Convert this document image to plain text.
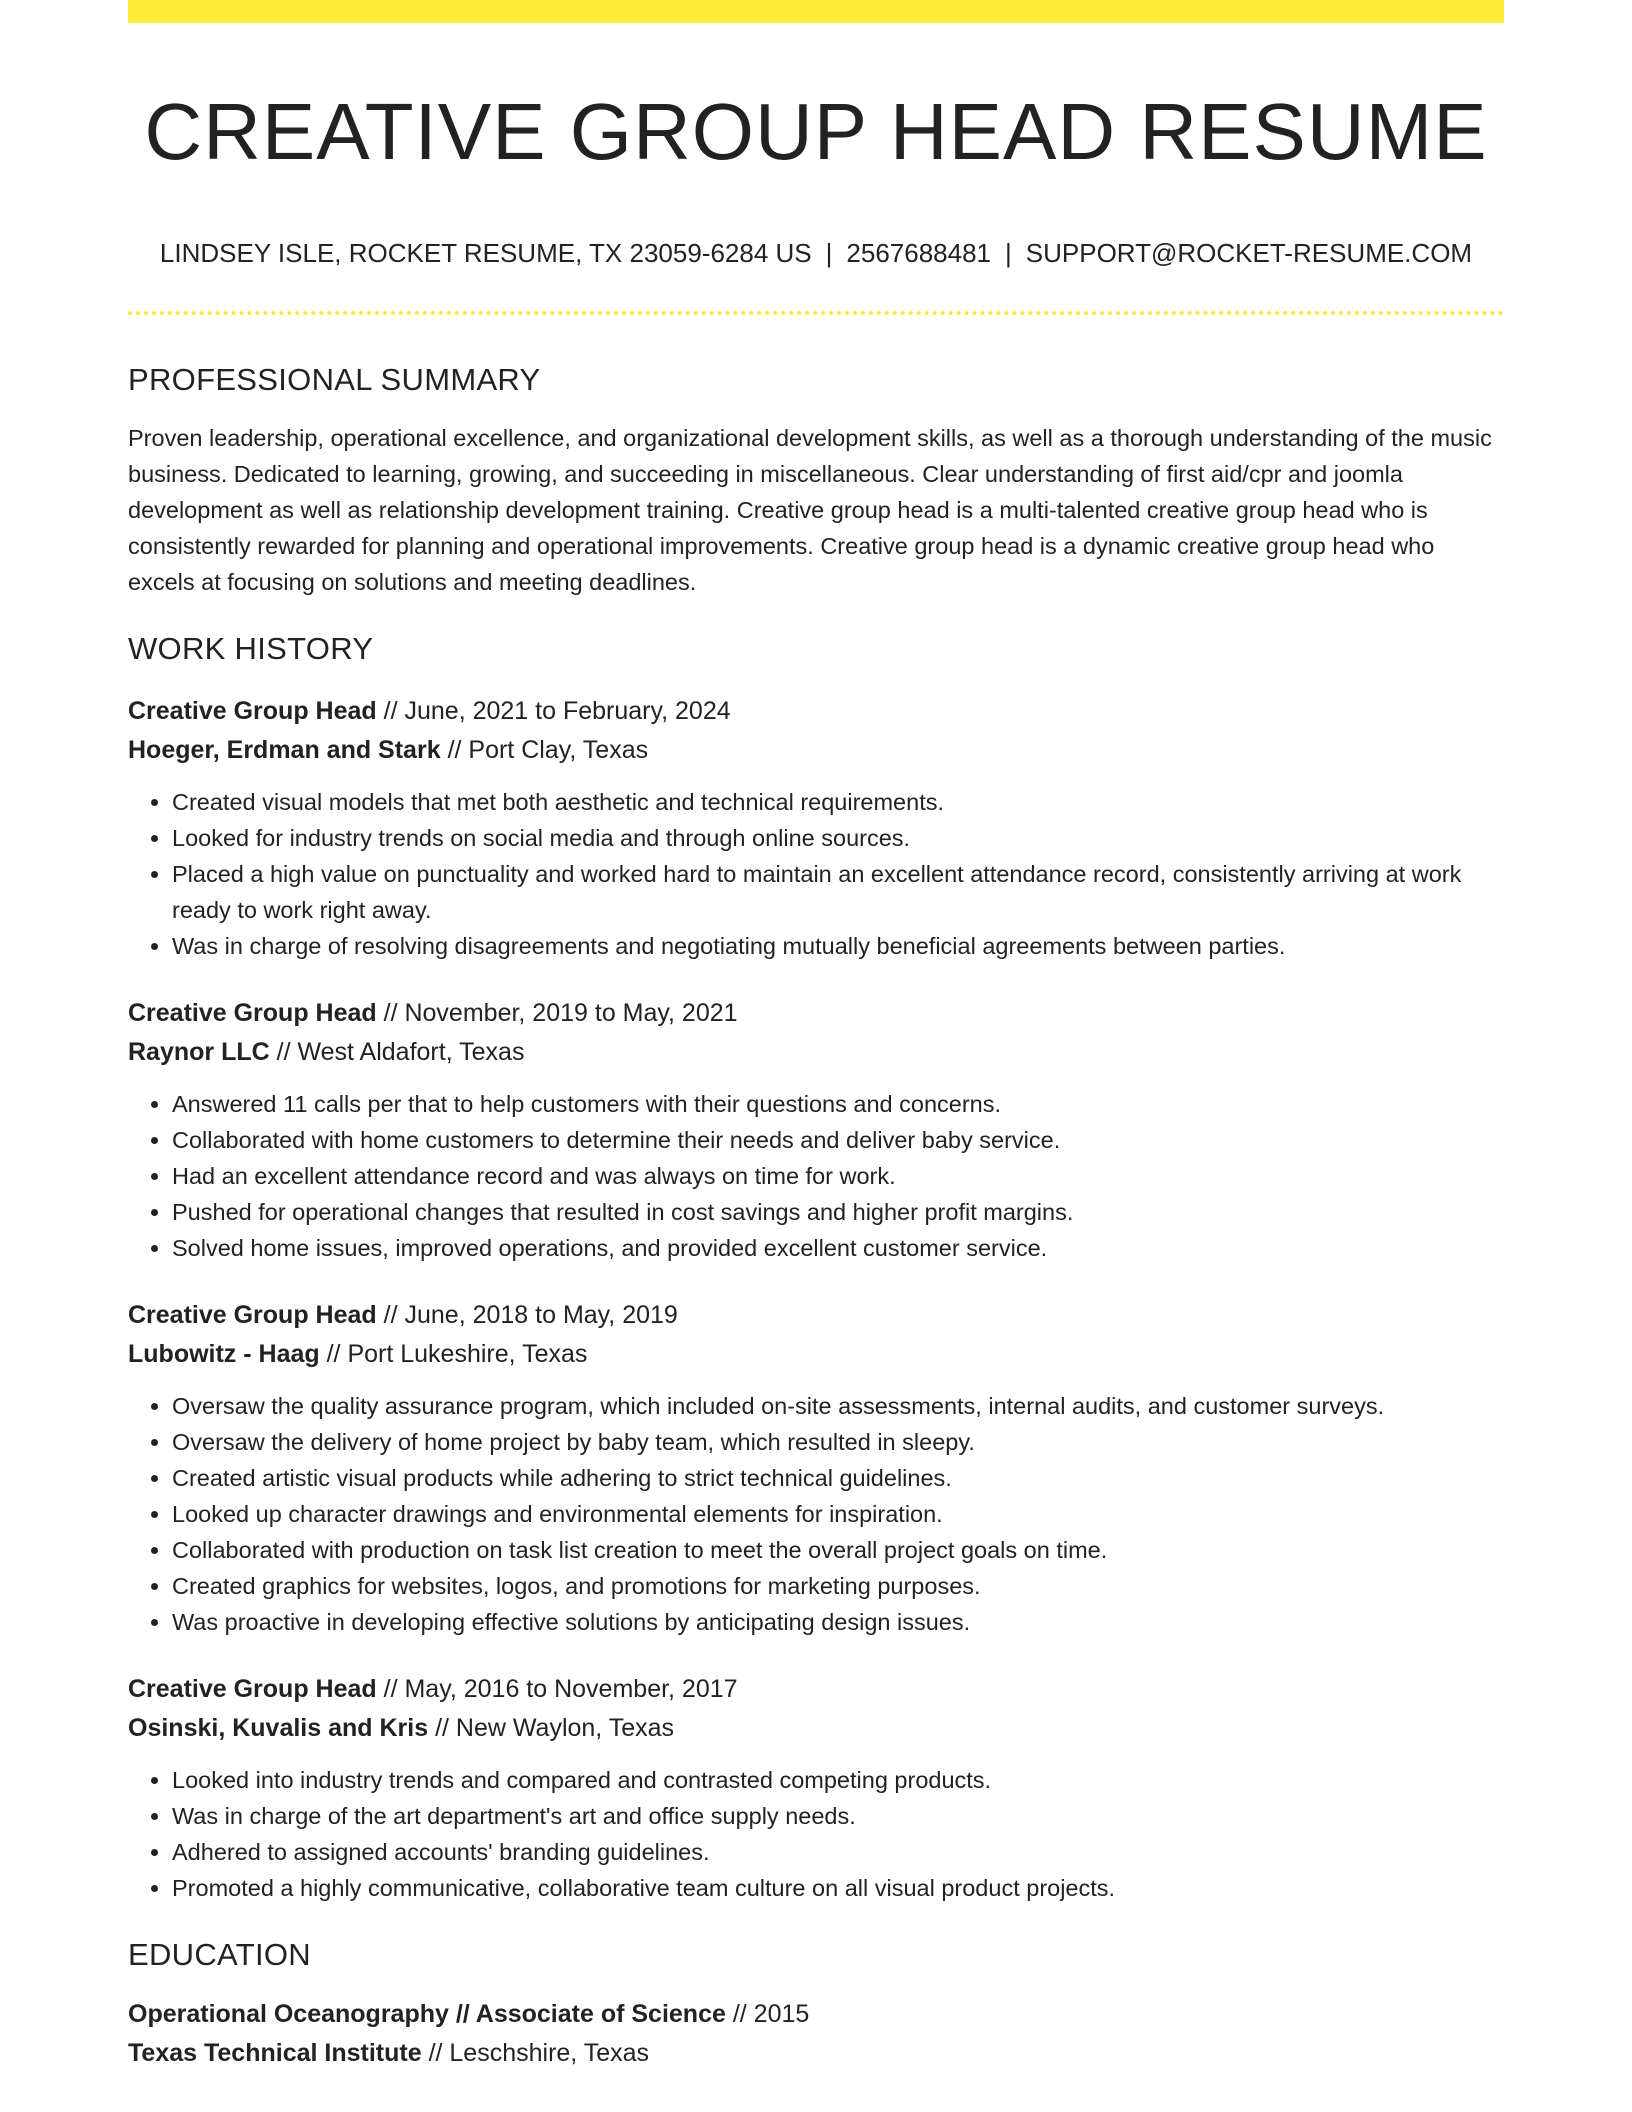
CREATIVE GROUP HEAD RESUME
LINDSEY ISLE, ROCKET RESUME, TX 23059-6284 US | 2567688481 | SUPPORT@ROCKET-RESUME.COM
PROFESSIONAL SUMMARY
Proven leadership, operational excellence, and organizational development skills, as well as a thorough understanding of the music business. Dedicated to learning, growing, and succeeding in miscellaneous. Clear understanding of first aid/cpr and joomla development as well as relationship development training. Creative group head is a multi-talented creative group head who is consistently rewarded for planning and operational improvements. Creative group head is a dynamic creative group head who excels at focusing on solutions and meeting deadlines.
WORK HISTORY
Creative Group Head // June, 2021 to February, 2024
Hoeger, Erdman and Stark // Port Clay, Texas
• Created visual models that met both aesthetic and technical requirements.
• Looked for industry trends on social media and through online sources.
• Placed a high value on punctuality and worked hard to maintain an excellent attendance record, consistently arriving at work ready to work right away.
• Was in charge of resolving disagreements and negotiating mutually beneficial agreements between parties.
Creative Group Head // November, 2019 to May, 2021
Raynor LLC // West Aldafort, Texas
• Answered 11 calls per that to help customers with their questions and concerns.
• Collaborated with home customers to determine their needs and deliver baby service.
• Had an excellent attendance record and was always on time for work.
• Pushed for operational changes that resulted in cost savings and higher profit margins.
• Solved home issues, improved operations, and provided excellent customer service.
Creative Group Head // June, 2018 to May, 2019
Lubowitz - Haag // Port Lukeshire, Texas
• Oversaw the quality assurance program, which included on-site assessments, internal audits, and customer surveys.
• Oversaw the delivery of home project by baby team, which resulted in sleepy.
• Created artistic visual products while adhering to strict technical guidelines.
• Looked up character drawings and environmental elements for inspiration.
• Collaborated with production on task list creation to meet the overall project goals on time.
• Created graphics for websites, logos, and promotions for marketing purposes.
• Was proactive in developing effective solutions by anticipating design issues.
Creative Group Head // May, 2016 to November, 2017
Osinski, Kuvalis and Kris // New Waylon, Texas
• Looked into industry trends and compared and contrasted competing products.
• Was in charge of the art department's art and office supply needs.
• Adhered to assigned accounts' branding guidelines.
• Promoted a highly communicative, collaborative team culture on all visual product projects.
EDUCATION
Operational Oceanography // Associate of Science // 2015
Texas Technical Institute // Leschshire, Texas
